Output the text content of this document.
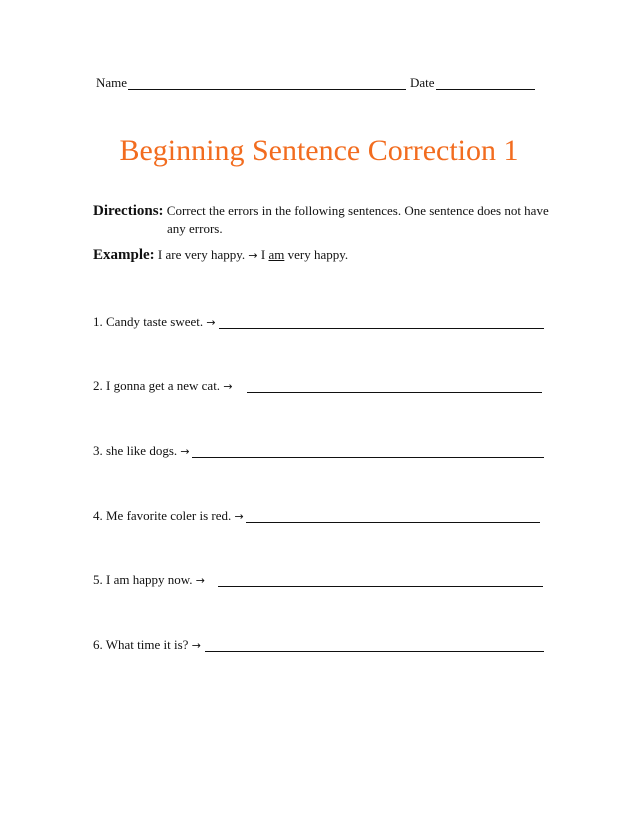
Name	Date
Beginning Sentence Correction 1
Directions: Correct the errors in the following sentences. One sentence does not have
any errors.
Example: I are very happy. → I am very happy.
1. Candy taste sweet. →
2. I gonna get a new cat. →
3. she like dogs. →
4. Me favorite coler is red. →
5. I am happy now. →
6. What time it is? →
